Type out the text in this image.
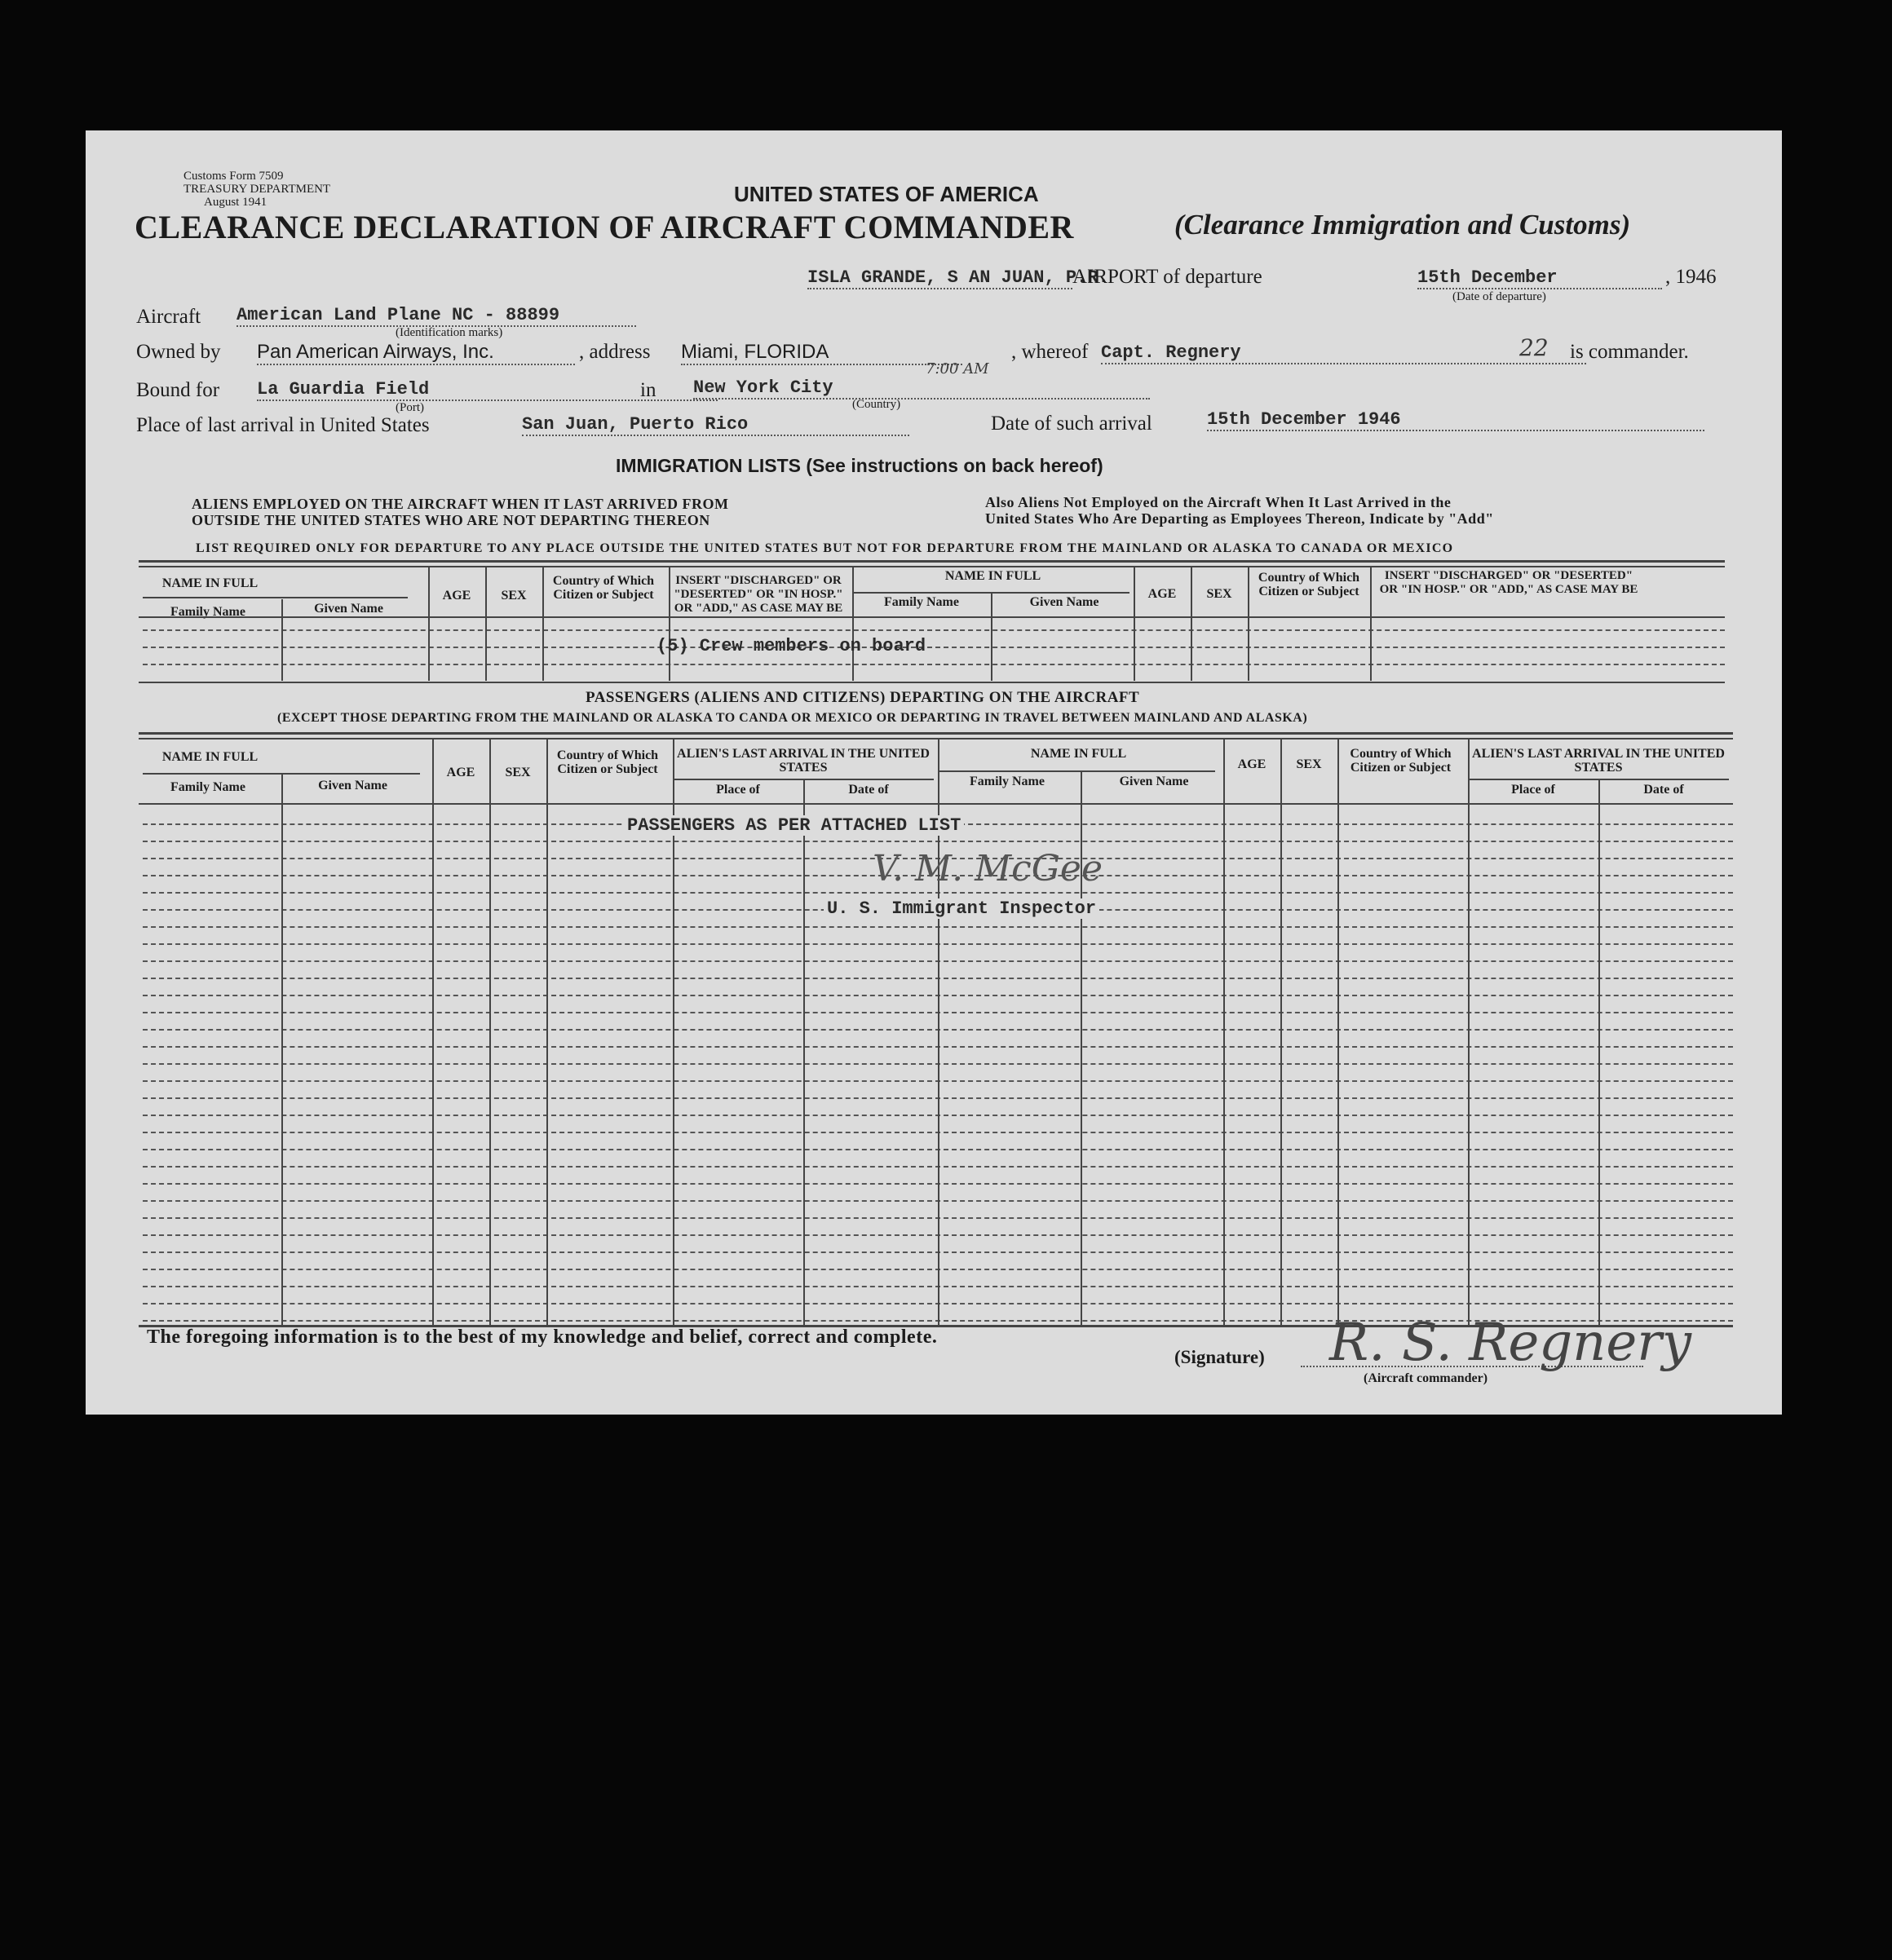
Customs Form 7509
TREASURY DEPARTMENT
August 1941	UNITED STATES OF AMERICA
CLEARANCE DECLARATION OF AIRCRAFT COMMANDER	(Clearance Immigration and Customs)
ISLA GRANDE, S AN JUAN, P.R.
AIRPORT of departure	15th December	, 1946
(Date of departure)
Aircraft American Land Plane NC - 88899
(Identification marks)
Owned by Pan American Airways, Inc.	, address Miami, FLORIDA	, whereof Capt. Regnery	22 is commander.
Bound for La Guardia Field
(Port)
in New York City
7:00 AM
(Country)
Place of last arrival in United States	San Juan, Puerto Rico	Date of such arrival	15th December 1946
IMMIGRATION LISTS (See instructions on back hereof)
ALIENS EMPLOYED ON THE AIRCRAFT WHEN IT LAST ARRIVED FROM
OUTSIDE THE UNITED STATES WHO ARE NOT DEPARTING THEREON
Also Aliens Not Employed on the Aircraft When It Last Arrived in the
United States Who Are Departing as Employees Thereon, Indicate by "Add"
LIST REQUIRED ONLY FOR DEPARTURE TO ANY PLACE OUTSIDE THE UNITED STATES BUT NOT FOR DEPARTURE FROM THE MAINLAND OR ALASKA TO CANADA OR MEXICO
NAME IN FULL
Family Name	Given Name
AGE	SEX
Country of Which Citizen or Subject
INSERT "DISCHARGED" OR "DESERTED" OR "IN HOSP." OR "ADD," AS CASE MAY BE
NAME IN FULL
Family Name	Given Name
AGE	SEX
Country of Which Citizen or Subject
INSERT "DISCHARGED" OR "DESERTED" OR "IN HOSP." OR "ADD," AS CASE MAY BE
(5) Crew members on board
PASSENGERS (ALIENS AND CITIZENS) DEPARTING ON THE AIRCRAFT
(EXCEPT THOSE DEPARTING FROM THE MAINLAND OR ALASKA TO CANDA OR MEXICO OR DEPARTING IN TRAVEL BETWEEN MAINLAND AND ALASKA)
NAME IN FULL
Family Name	Given Name
AGE	SEX
Country of Which Citizen or Subject
ALIEN'S LAST ARRIVAL IN THE UNITED STATES
Place of	Date of
NAME IN FULL
Family Name	Given Name
AGE	SEX
Country of Which Citizen or Subject
ALIEN'S LAST ARRIVAL IN THE UNITED STATES
Place of	Date of
PASSENGERS AS PER ATTACHED LIST
V. M. McGee
U. S. Immigrant Inspector
The foregoing information is to the best of my knowledge and belief, correct and complete.
(Signature) R. S. Regnery
(Aircraft commander)
